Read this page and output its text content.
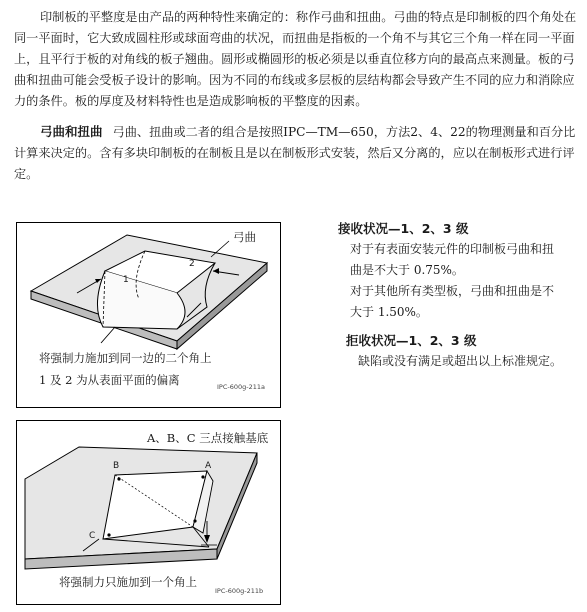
印制板的平整度是由产品的两种特性来确定的：称作弓曲和扭曲。弓曲的特点是印制板的四个角处在同一平面时，它大致成圆柱形或球面弯曲的状况，而扭曲是指板的一个角不与其它三个角一样在同一平面上，且平行于板的对角线的板子翘曲。圆形或椭圆形的板必须是以垂直位移方向的最高点来测量。板的弓曲和扭曲可能会受板子设计的影响。因为不同的布线或多层板的层结构都会导致产生不同的应力和消除应力的条件。板的厚度及材料特性也是造成影响板的平整度的因素。

弓曲和扭曲 弓曲、扭曲或二者的组合是按照IPC—TM—650，方法2、4、22的物理测量和百分比计算来决定的。含有多块印制板的在制板且是以在制板形式安装，然后又分离的，应以在制板形式进行评定。

弓曲
1
2
将强制力施加到同一边的二个角上
1 及 2 为从表面平面的偏离	IPC-600g-211a
A、B、C 三点接触基底
B	A
C
将强制力只施加到一个角上
IPC-600g-211b
接收状况—1、2、3 级
对于有表面安装元件的印制板弓曲和扭
曲是不大于 0.75%。
对于其他所有类型板，弓曲和扭曲是不
大于 1.50%。
拒收状况—1、2、3 级
缺陷或没有满足或超出以上标准规定。
